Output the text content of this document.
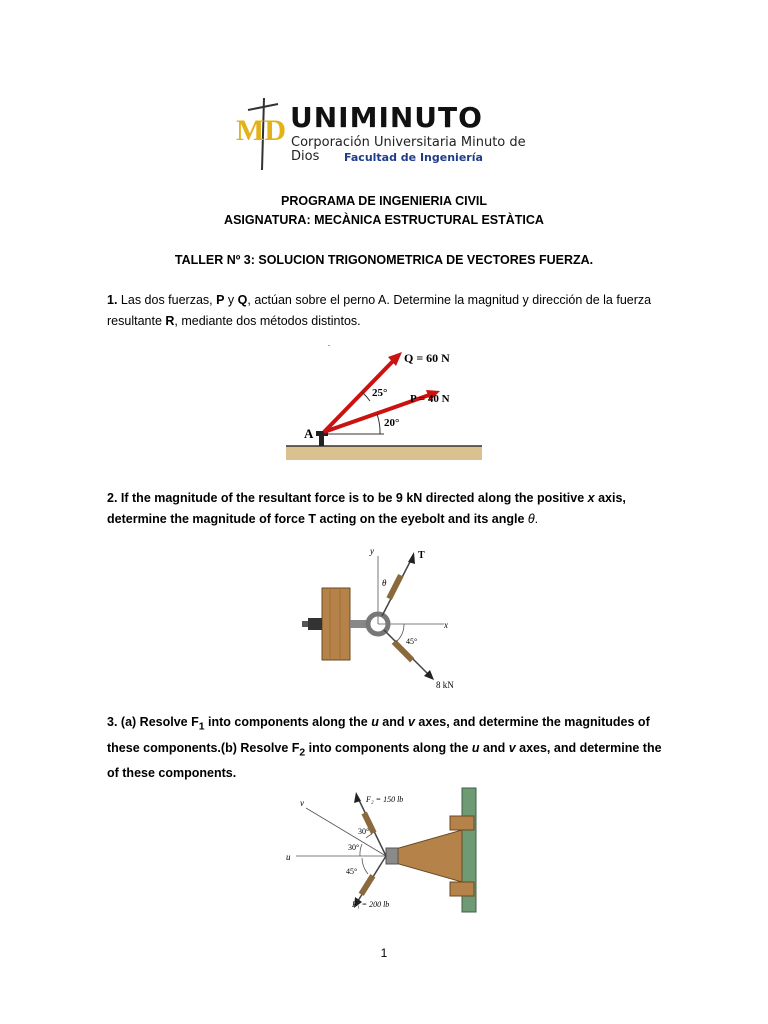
MD UNIMINUTO
Corporación Universitaria Minuto de Dios	Facultad de Ingeniería
PROGRAMA DE INGENIERIA CIVIL
ASIGNATURA: MECÀNICA ESTRUCTURAL ESTÀTICA
TALLER Nº 3: SOLUCION TRIGONOMETRICA DE VECTORES FUERZA.
1. Las dos fuerzas, P y Q, actúan sobre el perno A. Determine la magnitud y dirección de la fuerza resultante R, mediante dos métodos distintos.
.
Q = 60 N
P = 40 N
25°
20°
A
2. If the magnitude of the resultant force is to be 9 kN directed along the positive x axis, determine the magnitude of force T acting on the eyebolt and its angle θ.
y
x
T
θ
45°
8 kN
3. (a) Resolve $F_1$ into components along the u and v axes, and determine the magnitudes of these components.(b) Resolve $F_2$ into components along the u and v axes, and determine the of these components.
u
v	F₂ = 150 lb
F₁ = 200 lb
30°
30°
45°
1
